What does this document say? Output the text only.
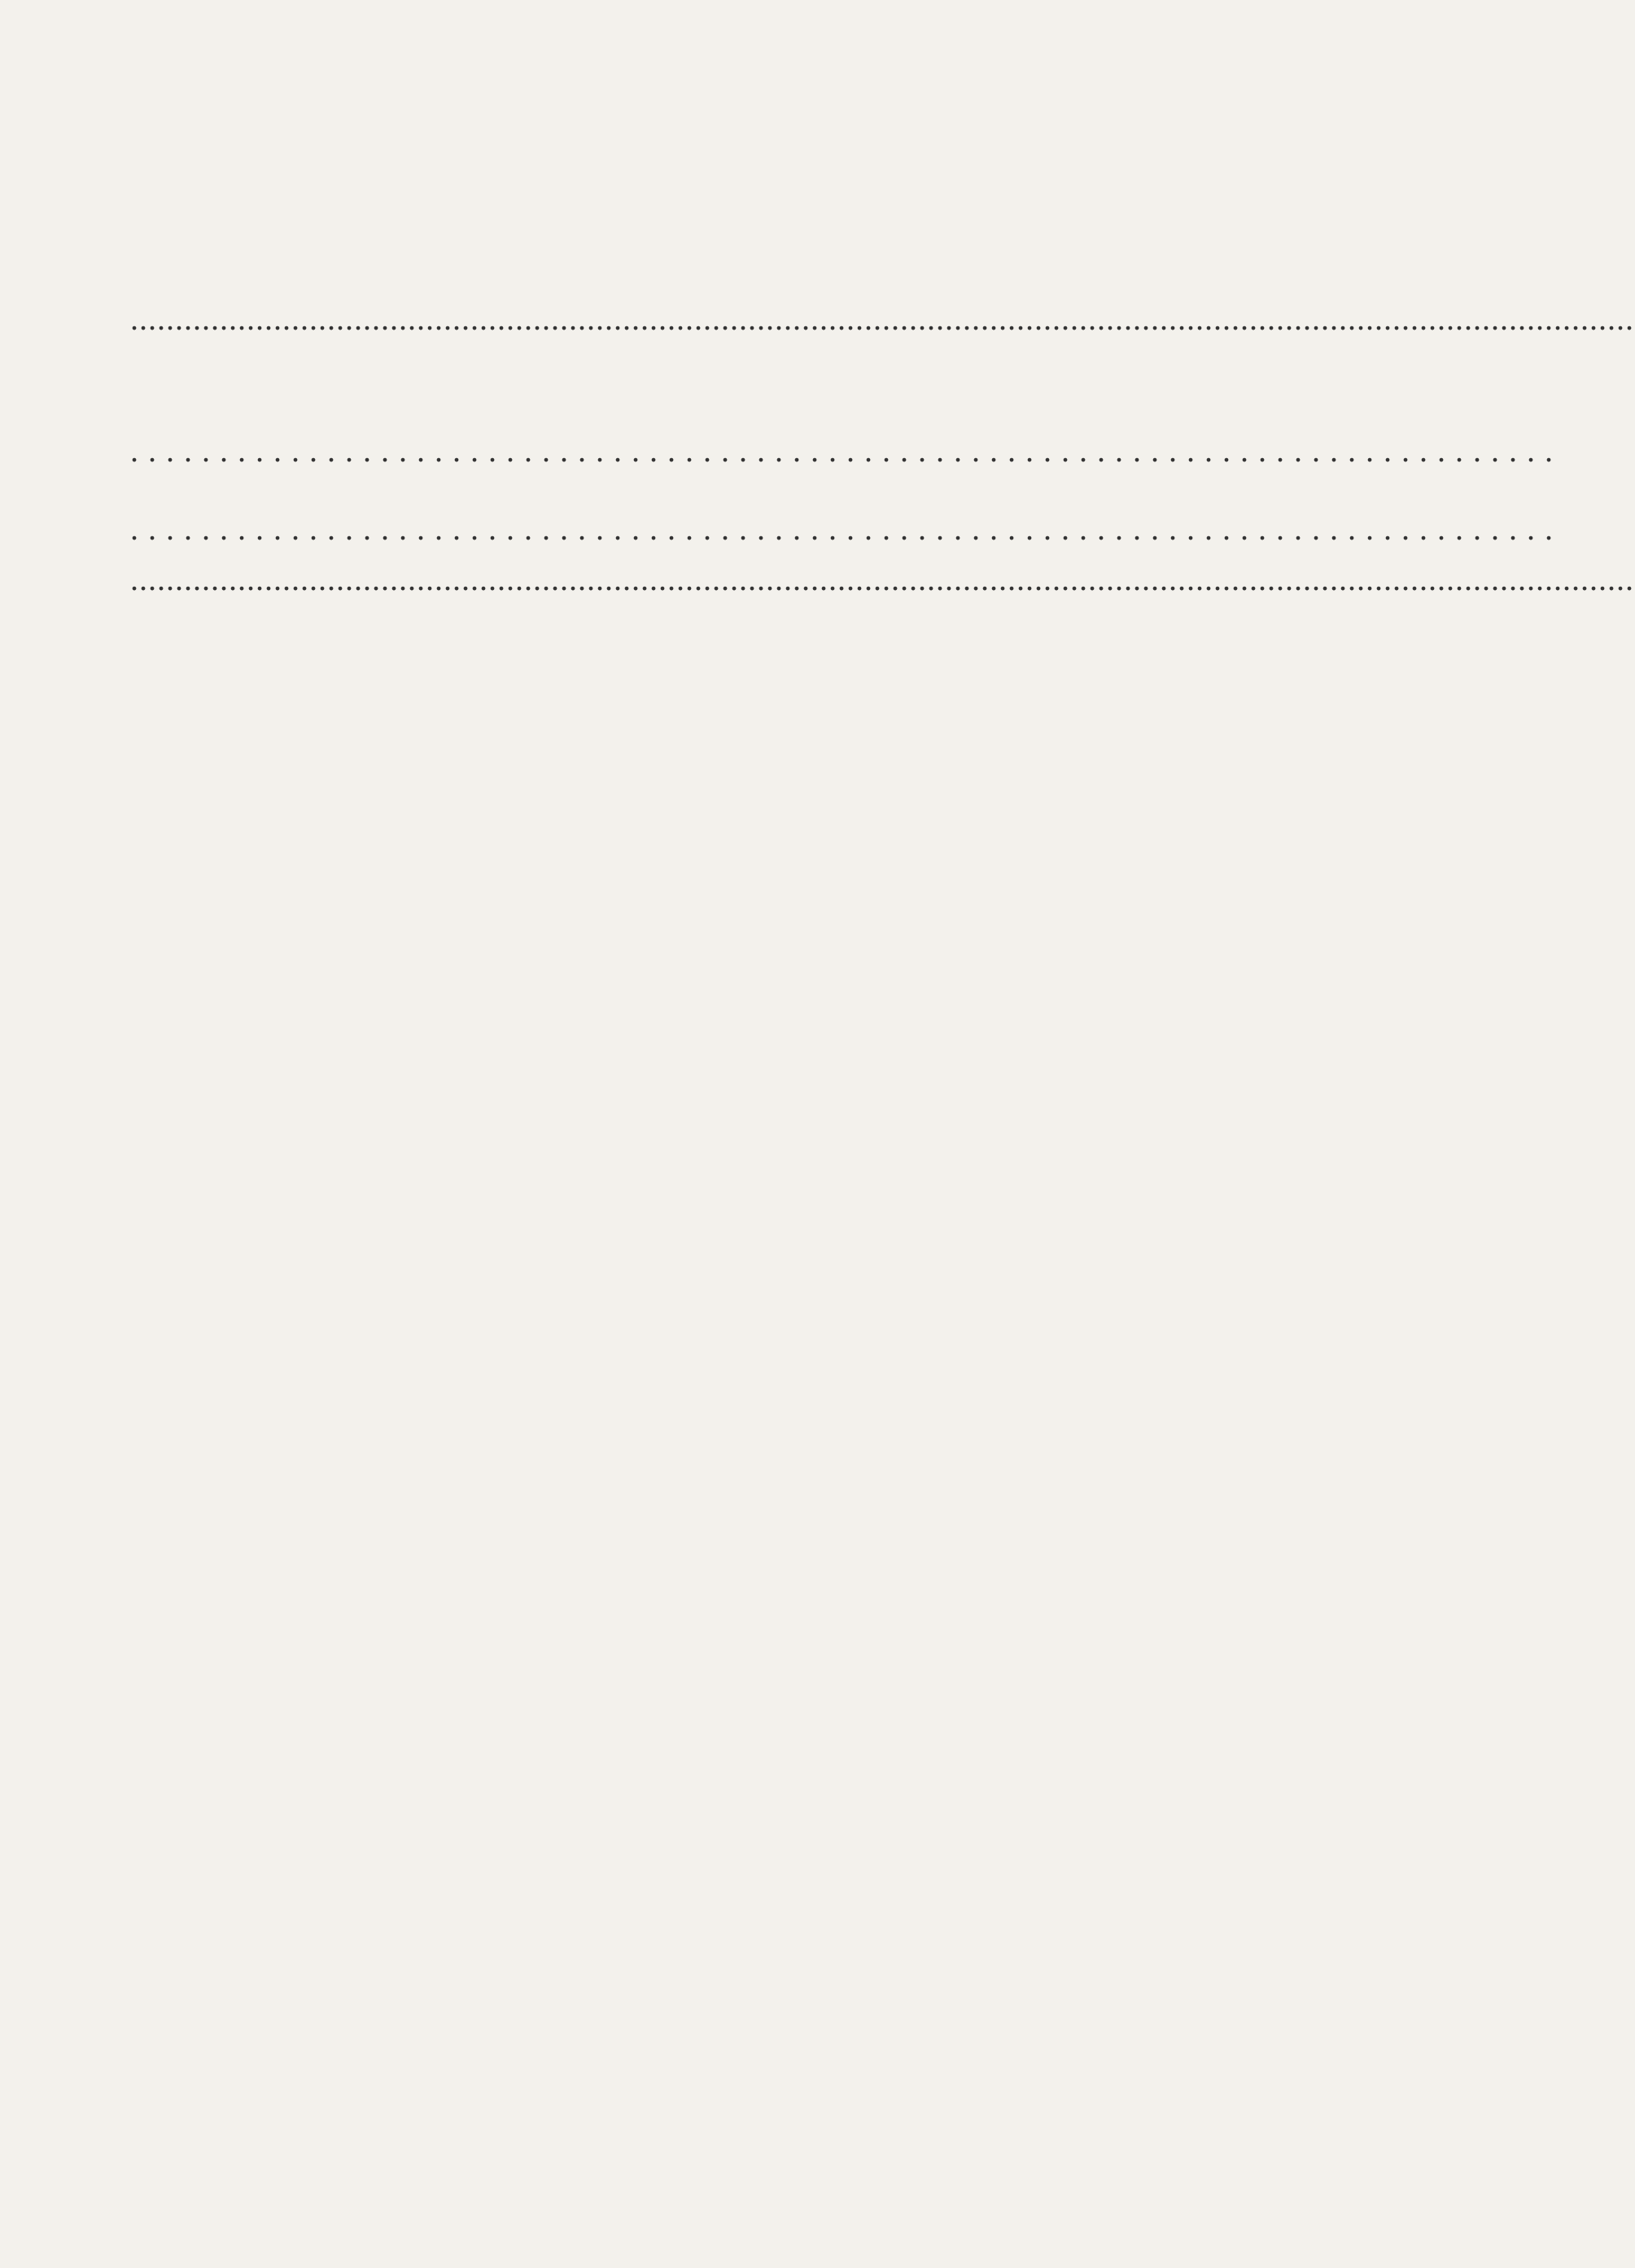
........................................................................................................................................................................
. . . . . . . . . . . . . . . . . . . . . . . . . . . . . . . . . . . . . . . . . . . . . . . . . . . . . . . . . . . . . . . . . . . . . . . . . . . . . . . .
. . . . . . . . . . . . . . . . . . . . . . . . . . . . . . . . . . . . . . . . . . . . . . . . . . . . . . . . . . . . . . . . . . . . . . . . . . . . . . . .
........................................................................................................................................................................
